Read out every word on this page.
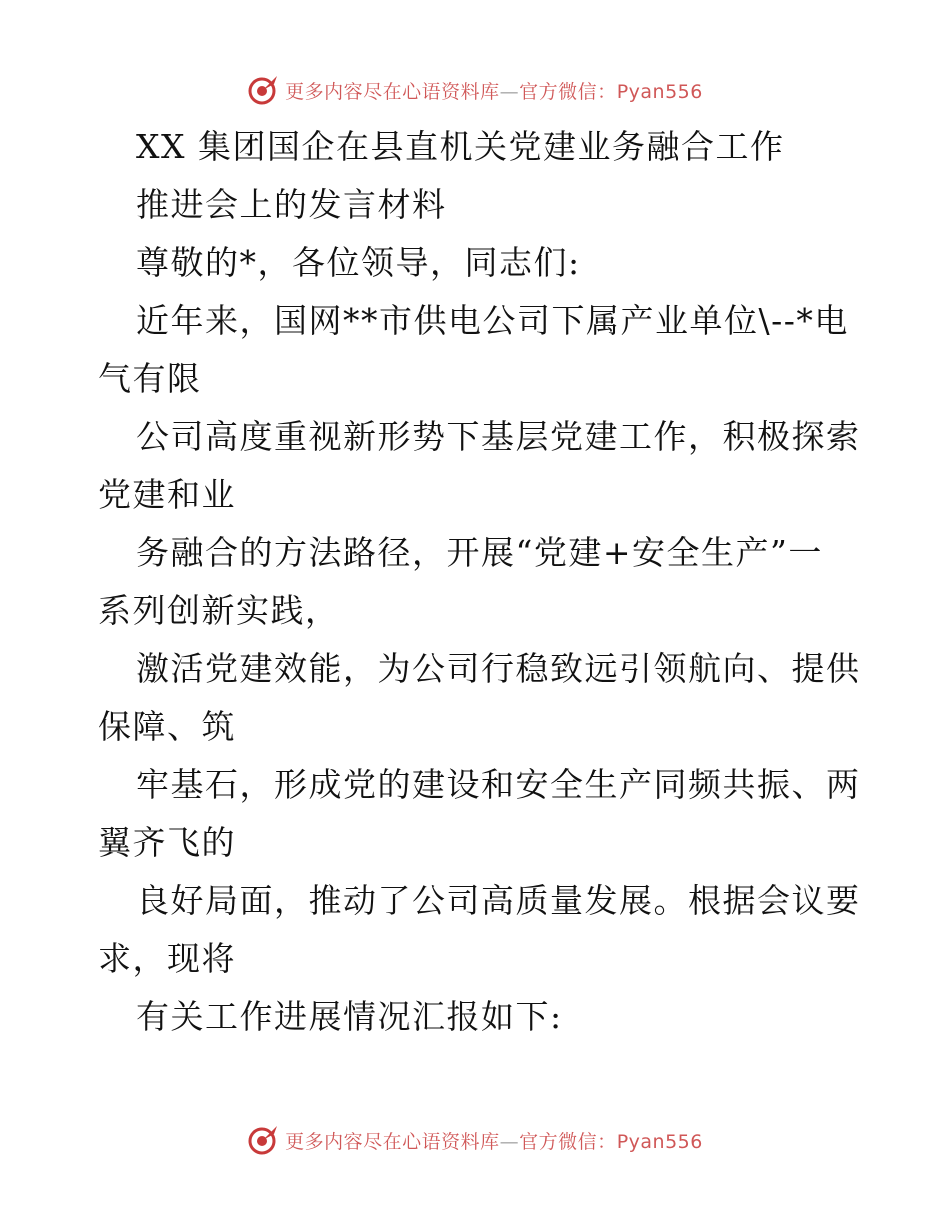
更多内容尽在心语资料库—官方微信：Pyan556
XX 集团国企在县直机关党建业务融合工作
推进会上的发言材料
尊敬的*，各位领导，同志们:
近年来，国网**市供电公司下属产业单位\--*电
气有限
公司高度重视新形势下基层党建工作，积极探索
党建和业
务融合的方法路径，开展“党建+安全生产”一
系列创新实践，
激活党建效能，为公司行稳致远引领航向、提供
保障、筑
牢基石，形成党的建设和安全生产同频共振、两
翼齐飞的
良好局面，推动了公司高质量发展。根据会议要
求，现将
有关工作进展情况汇报如下:
更多内容尽在心语资料库—官方微信：Pyan556
